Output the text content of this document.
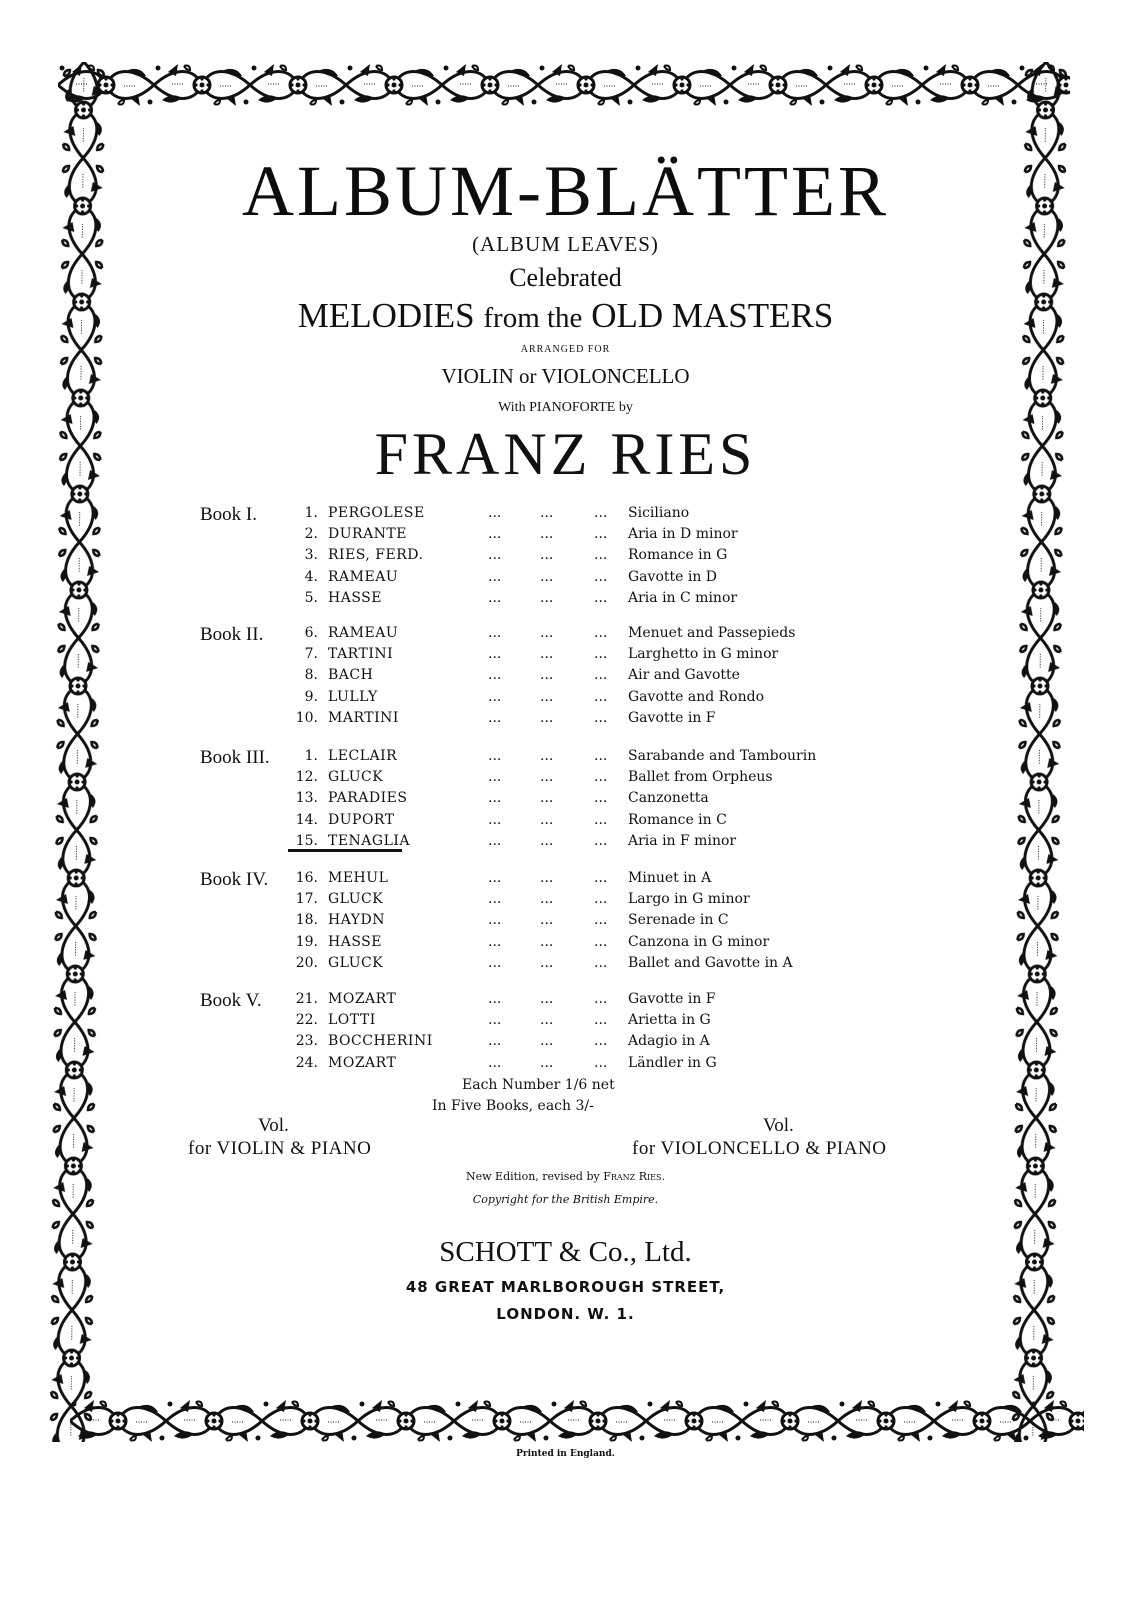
ALBUM-BLÄTTER
(ALBUM LEAVES)
Celebrated
MELODIES from the OLD MASTERS
ARRANGED FOR
VIOLIN or VIOLONCELLO
With PIANOFORTE by
FRANZ RIES
Book I.	1. PERGOLESE	...	...	... Siciliano
2. DURANTE	...	...	... Aria in D minor
3. RIES, FERD.	...	...	... Romance in G
4. RAMEAU	...	...	... Gavotte in D
5. HASSE	...	...	... Aria in C minor
Book II.	6. RAMEAU	...	...	... Menuet and Passepieds
7. TARTINI	...	...	... Larghetto in G minor
8. BACH	...	...	... Air and Gavotte
9. LULLY	...	...	... Gavotte and Rondo
10. MARTINI	...	...	... Gavotte in F
Book III. 1. LECLAIR	...	...	... Sarabande and Tambourin
12. GLUCK	...	...	... Ballet from Orpheus
13. PARADIES	...	...	... Canzonetta
14. DUPORT	...	...	... Romance in C
15. TENAGLIA	...	...	... Aria in F minor
Book IV. 16. MEHUL	...	...	... Minuet in A
17. GLUCK	...	...	... Largo in G minor
18. HAYDN	...	...	... Serenade in C
19. HASSE	...	...	... Canzona in G minor
20. GLUCK	...	...	... Ballet and Gavotte in A
Book V. 21. MOZART	...	...	... Gavotte in F
22. LOTTI	...	...	... Arietta in G
23. BOCCHERINI	...	...	... Adagio in A
24. MOZART	...	...	... Ländler in G
Each Number 1/6 net
In Five Books, each 3/-
Vol.	Vol.
for VIOLIN & PIANO	for VIOLONCELLO & PIANO
New Edition, revised by Franz Ries.
Copyright for the British Empire.
SCHOTT & Co., Ltd.
48 GREAT MARLBOROUGH STREET,
LONDON. W. 1.
Printed in England.
